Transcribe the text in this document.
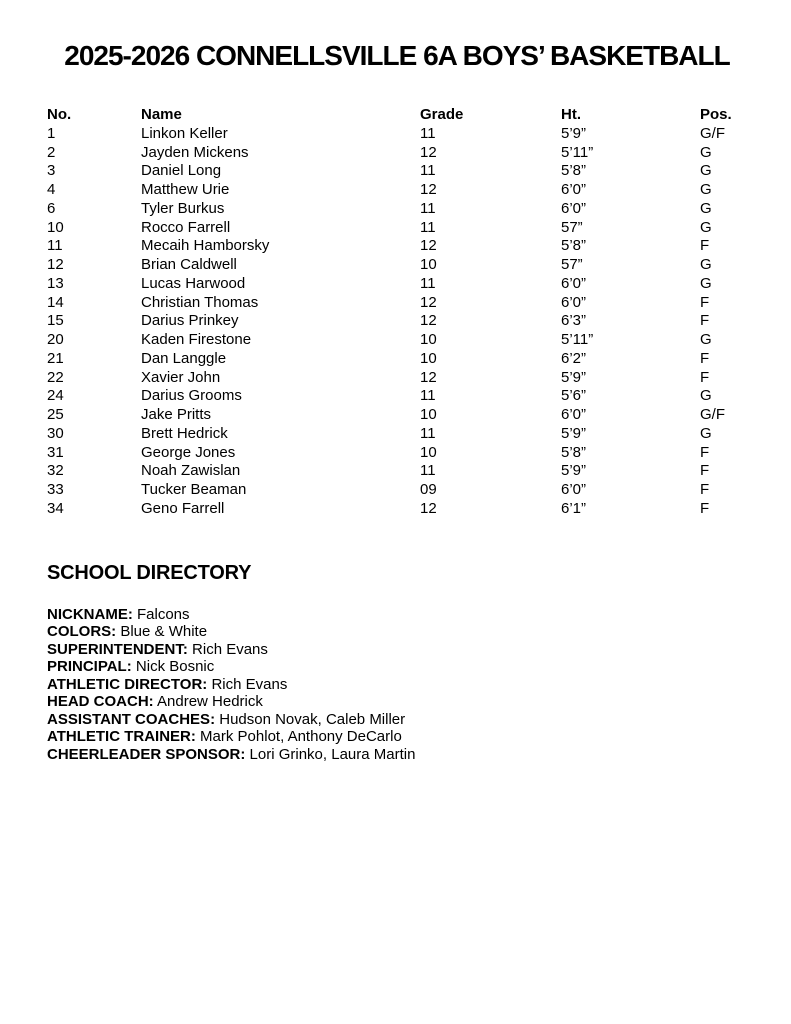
2025-2026 CONNELLSVILLE 6A BOYS’ BASKETBALL
No.	Name	Grade	Ht.	Pos.
1	Linkon Keller	11	5’9”	G/F
2	Jayden Mickens	12	5’11”	G
3	Daniel Long	11	5’8”	G
4	Matthew Urie	12	6’0”	G
6	Tyler Burkus	11	6’0”	G
10	Rocco Farrell	11	57”	G
11	Mecaih Hamborsky	12	5’8”	F
12	Brian Caldwell	10	57”	G
13	Lucas Harwood	11	6’0”	G
14	Christian Thomas	12	6’0”	F
15	Darius Prinkey	12	6’3”	F
20	Kaden Firestone	10	5’11”	G
21	Dan Langgle	10	6’2”	F
22	Xavier John	12	5’9”	F
24	Darius Grooms	11	5’6”	G
25	Jake Pritts	10	6’0”	G/F
30	Brett Hedrick	11	5’9”	G
31	George Jones	10	5’8”	F
32	Noah Zawislan	11	5’9”	F
33	Tucker Beaman	09	6’0”	F
34	Geno Farrell	12	6’1”	F
SCHOOL DIRECTORY
NICKNAME: Falcons
COLORS: Blue & White
SUPERINTENDENT: Rich Evans
PRINCIPAL: Nick Bosnic
ATHLETIC DIRECTOR: Rich Evans
HEAD COACH: Andrew Hedrick
ASSISTANT COACHES: Hudson Novak, Caleb Miller
ATHLETIC TRAINER: Mark Pohlot, Anthony DeCarlo
CHEERLEADER SPONSOR: Lori Grinko, Laura Martin
